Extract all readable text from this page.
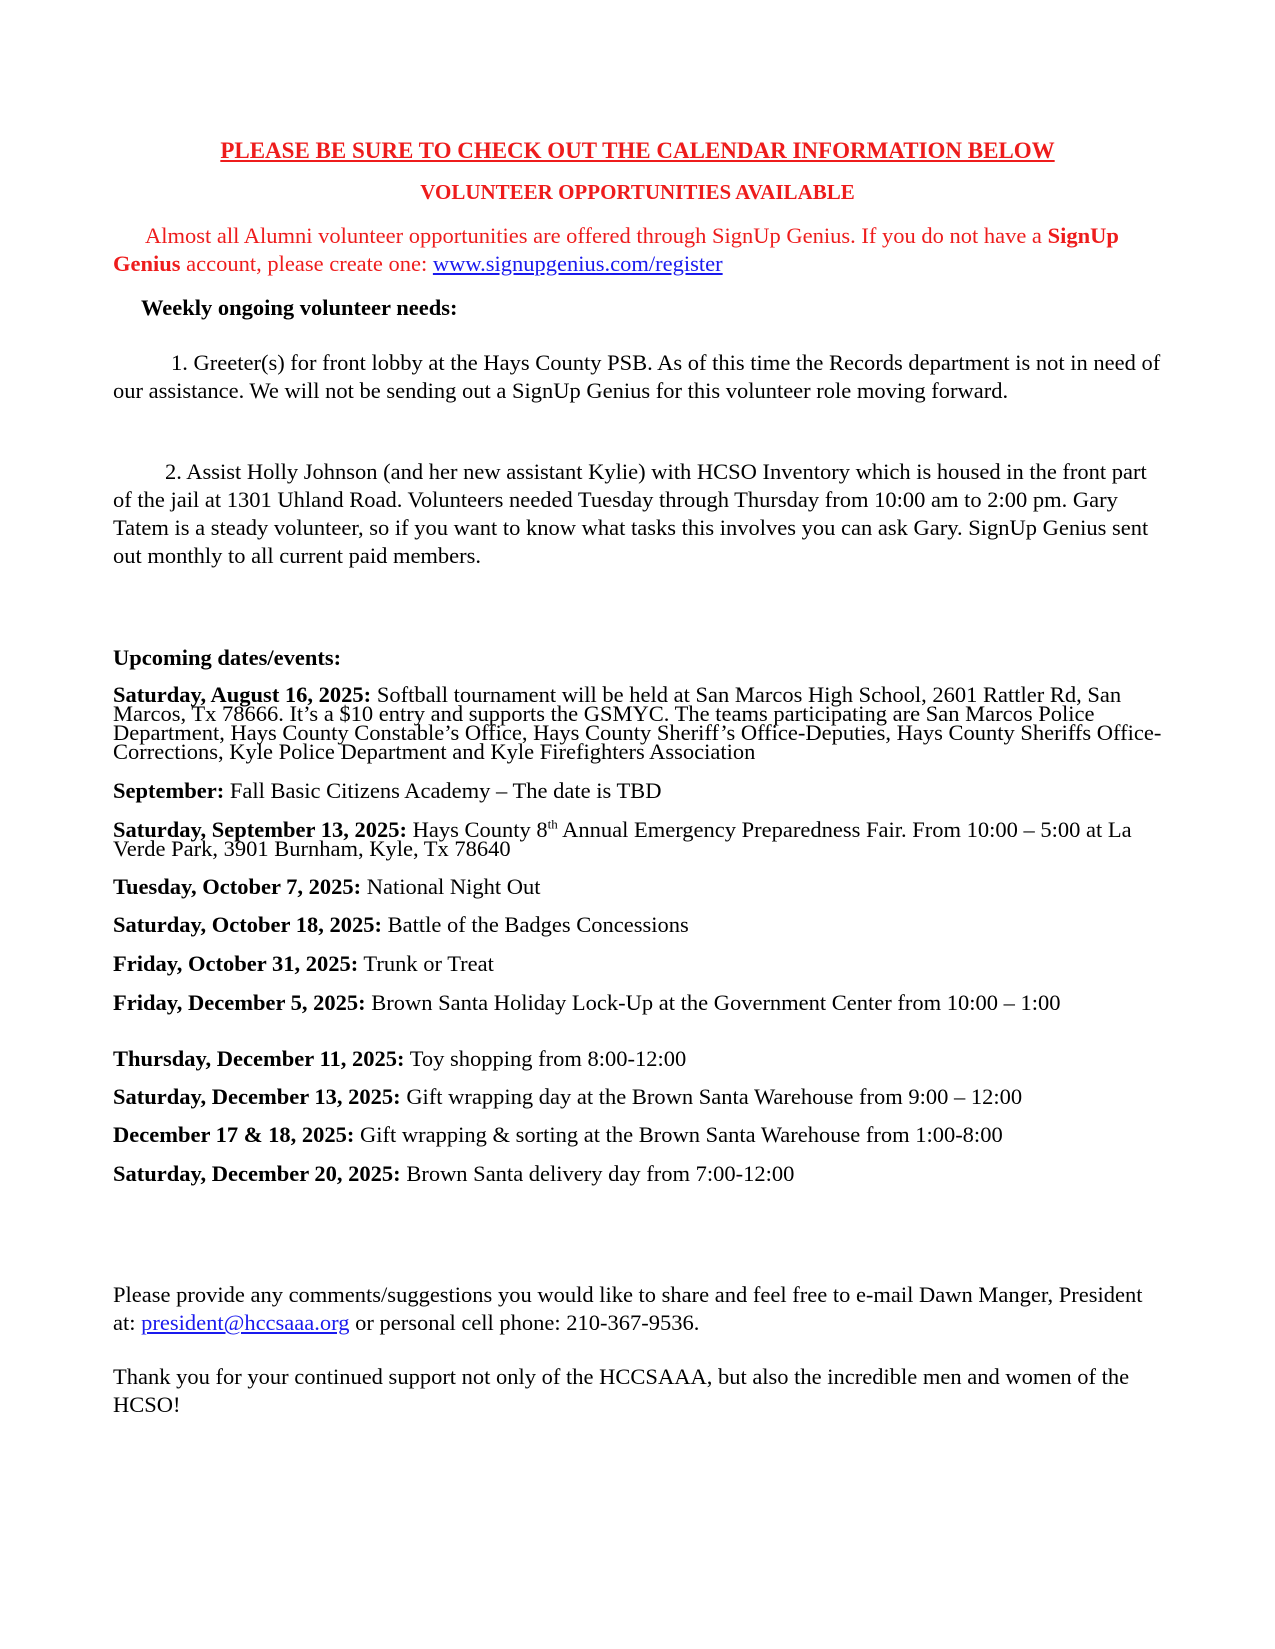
PLEASE BE SURE TO CHECK OUT THE CALENDAR INFORMATION BELOW
VOLUNTEER OPPORTUNITIES AVAILABLE
Almost all Alumni volunteer opportunities are offered through SignUp Genius. If you do not have a SignUp Genius account, please create one: www.signupgenius.com/register
Weekly ongoing volunteer needs:
1. Greeter(s) for front lobby at the Hays County PSB. As of this time the Records department is not in need of our assistance. We will not be sending out a SignUp Genius for this volunteer role moving forward.
2. Assist Holly Johnson (and her new assistant Kylie) with HCSO Inventory which is housed in the front part of the jail at 1301 Uhland Road. Volunteers needed Tuesday through Thursday from 10:00 am to 2:00 pm. Gary Tatem is a steady volunteer, so if you want to know what tasks this involves you can ask Gary. SignUp Genius sent out monthly to all current paid members.
Upcoming dates/events:
Saturday, August 16, 2025: Softball tournament will be held at San Marcos High School, 2601 Rattler Rd, San Marcos, Tx 78666. It’s a $10 entry and supports the GSMYC. The teams participating are San Marcos Police Department, Hays County Constable’s Office, Hays County Sheriff’s Office-Deputies, Hays County Sheriffs Office-Corrections, Kyle Police Department and Kyle Firefighters Association
September: Fall Basic Citizens Academy – The date is TBD
Saturday, September 13, 2025: Hays County 8th Annual Emergency Preparedness Fair. From 10:00 – 5:00 at La Verde Park, 3901 Burnham, Kyle, Tx 78640
Tuesday, October 7, 2025: National Night Out
Saturday, October 18, 2025: Battle of the Badges Concessions
Friday, October 31, 2025: Trunk or Treat
Friday, December 5, 2025: Brown Santa Holiday Lock-Up at the Government Center from 10:00 – 1:00
Thursday, December 11, 2025: Toy shopping from 8:00-12:00
Saturday, December 13, 2025: Gift wrapping day at the Brown Santa Warehouse from 9:00 – 12:00
December 17 & 18, 2025: Gift wrapping & sorting at the Brown Santa Warehouse from 1:00-8:00
Saturday, December 20, 2025: Brown Santa delivery day from 7:00-12:00
Please provide any comments/suggestions you would like to share and feel free to e-mail Dawn Manger, President at: president@hccsaaa.org or personal cell phone: 210-367-9536.
Thank you for your continued support not only of the HCCSAAA, but also the incredible men and women of the HCSO!
